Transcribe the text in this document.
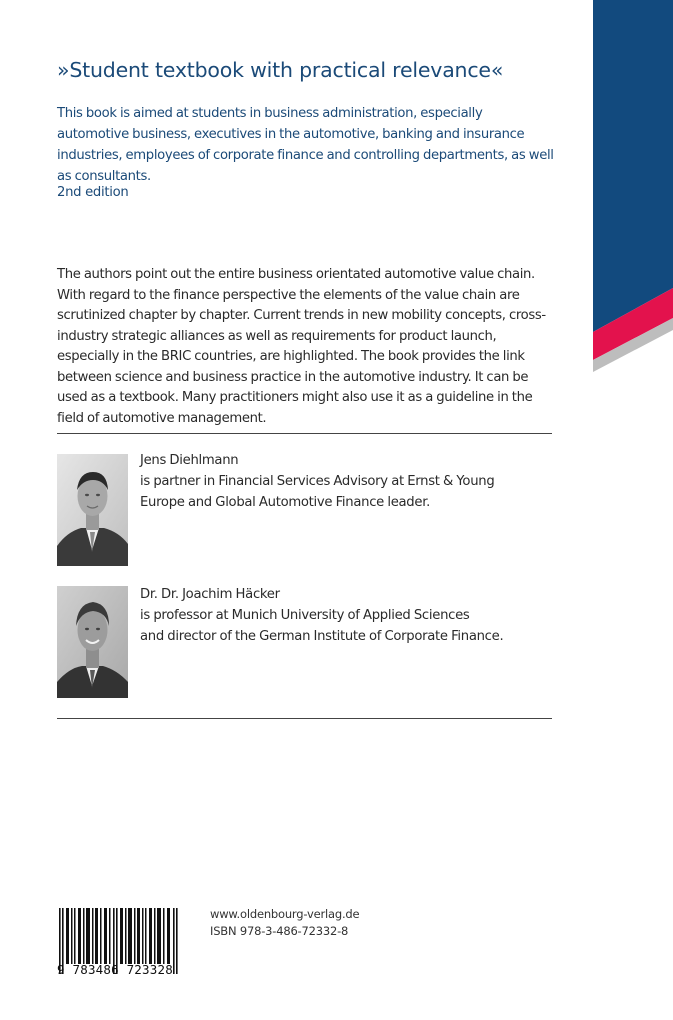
»Student textbook with practical relevance«

This book is aimed at students in business administration, especially automotive business, executives in the automotive, banking and insurance industries, employees of corporate finance and controlling departments, as well as consultants.

2nd edition

The authors point out the entire business orientated automotive value chain. With regard to the finance perspective the elements of the value chain are scrutinized chapter by chapter. Current trends in new mobility concepts, cross-industry strategic alliances as well as requirements for product launch, especially in the BRIC countries, are highlighted. The book provides the link between science and business practice in the automotive industry. It can be used as a textbook. Many practitioners might also use it as a guideline in the field of automotive management.

Jens Diehlmann
is partner in Financial Services Advisory at Ernst & Young
Europe and Global Automotive Finance leader.

Dr. Dr. Joachim Häcker
is professor at Munich University of Applied Sciences
and director of the German Institute of Corporate Finance.

9 783486 723328

www.oldenbourg-verlag.de
ISBN 978-3-486-72332-8
